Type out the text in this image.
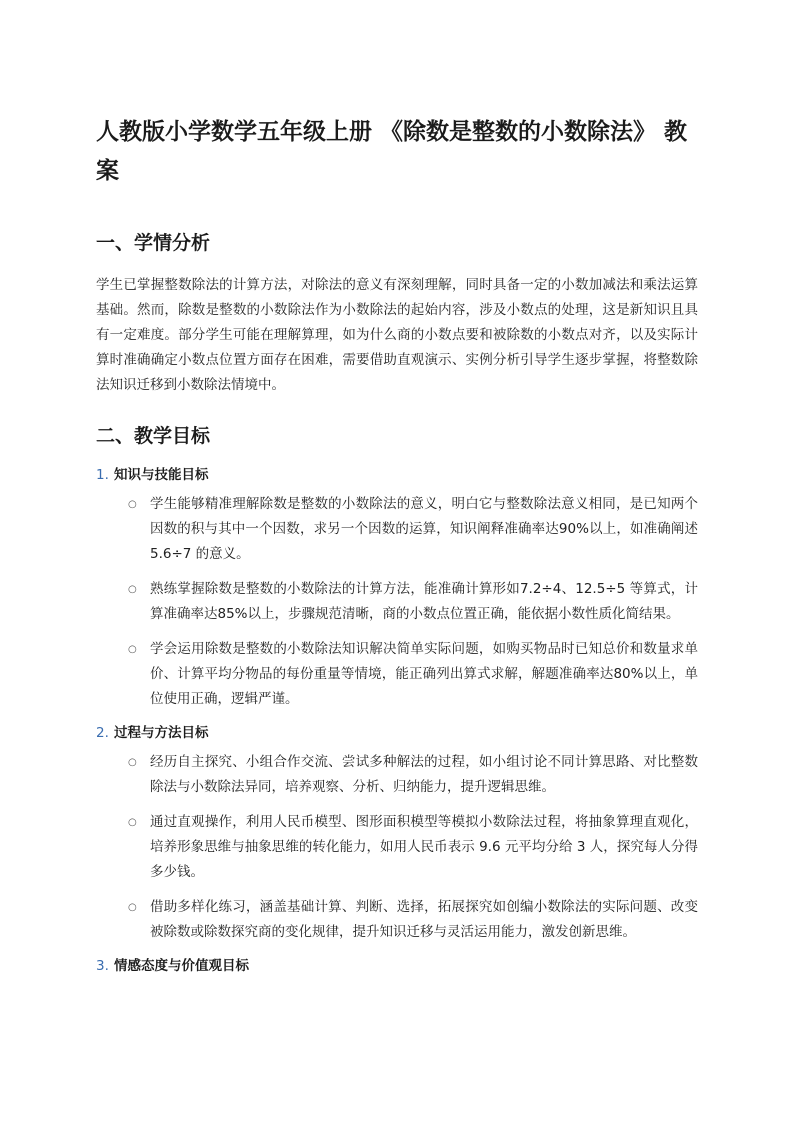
人教版小学数学五年级上册 《除数是整数的小数除法》 教案
一、学情分析

学生已掌握整数除法的计算方法，对除法的意义有深刻理解，同时具备一定的小数加减法和乘法运算基础。然而，除数是整数的小数除法作为小数除法的起始内容，涉及小数点的处理，这是新知识且具有一定难度。部分学生可能在理解算理，如为什么商的小数点要和被除数的小数点对齐，以及实际计算时准确确定小数点位置方面存在困难，需要借助直观演示、实例分析引导学生逐步掌握，将整数除法知识迁移到小数除法情境中。

二、教学目标
1. 知识与技能目标
○ 学生能够精准理解除数是整数的小数除法的意义，明白它与整数除法意义相同，是已知两个因数的积与其中一个因数，求另一个因数的运算，知识阐释准确率达90%以上，如准确阐述 5.6÷7 的意义。
○ 熟练掌握除数是整数的小数除法的计算方法，能准确计算形如7.2÷4、12.5÷5 等算式，计算准确率达85%以上，步骤规范清晰，商的小数点位置正确，能依据小数性质化简结果。
○ 学会运用除数是整数的小数除法知识解决简单实际问题，如购买物品时已知总价和数量求单价、计算平均分物品的每份重量等情境，能正确列出算式求解，解题准确率达80%以上，单位使用正确，逻辑严谨。
2. 过程与方法目标
○ 经历自主探究、小组合作交流、尝试多种解法的过程，如小组讨论不同计算思路、对比整数除法与小数除法异同，培养观察、分析、归纳能力，提升逻辑思维。
○ 通过直观操作，利用人民币模型、图形面积模型等模拟小数除法过程，将抽象算理直观化，培养形象思维与抽象思维的转化能力，如用人民币表示 9.6 元平均分给 3 人，探究每人分得多少钱。
○ 借助多样化练习，涵盖基础计算、判断、选择，拓展探究如创编小数除法的实际问题、改变被除数或除数探究商的变化规律，提升知识迁移与灵活运用能力，激发创新思维。
3. 情感态度与价值观目标
